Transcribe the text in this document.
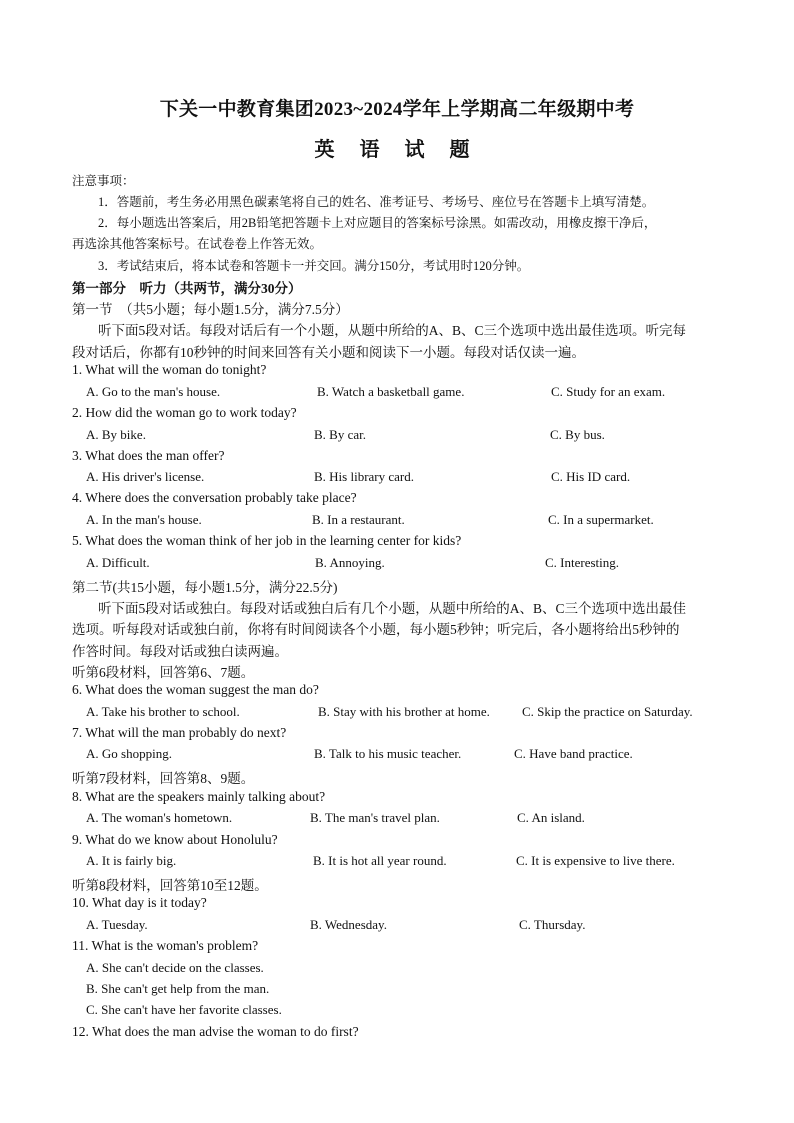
下关一中教育集团2023~2024学年上学期高二年级期中考
英 语 试 题
注意事项：
1．答题前，考生务必用黑色碳素笔将自己的姓名、准考证号、考场号、座位号在答题卡上填写清楚。
2．每小题选出答案后，用2B铅笔把答题卡上对应题目的答案标号涂黑。如需改动，用橡皮擦干净后，
再选涂其他答案标号。在试卷卷上作答无效。
3．考试结束后，将本试卷和答题卡一并交回。满分150分，考试用时120分钟。
第一部分　听力（共两节，满分30分）
第一节　（共5小题；每小题1.5分，满分7.5分）
听下面5段对话。每段对话后有一个小题，从题中所给的A、B、C三个选项中选出最佳选项。听完每
段对话后，你都有10秒钟的时间来回答有关小题和阅读下一小题。每段对话仅读一遍。
1. What will the woman do tonight?
A. Go to the man's house.	B. Watch a basketball game.	C. Study for an exam.
2. How did the woman go to work today?
A. By bike.	B. By car.	C. By bus.
3. What does the man offer?
A. His driver's license.	B. His library card.	C. His ID card.
4. Where does the conversation probably take place?
A. In the man's house.	B. In a restaurant.	C. In a supermarket.
5. What does the woman think of her job in the learning center for kids?
A. Difficult.	B. Annoying.	C. Interesting.
第二节(共15小题，每小题1.5分，满分22.5分)
听下面5段对话或独白。每段对话或独白后有几个小题，从题中所给的A、B、C三个选项中选出最佳
选项。听每段对话或独白前，你将有时间阅读各个小题，每小题5秒钟；听完后，各小题将给出5秒钟的
作答时间。每段对话或独白读两遍。
听第6段材料，回答第6、7题。
6. What does the woman suggest the man do?
A. Take his brother to school.	B. Stay with his brother at home. C. Skip the practice on Saturday.
7. What will the man probably do next?
A. Go shopping.	B. Talk to his music teacher.	C. Have band practice.
听第7段材料，回答第8、9题。
8. What are the speakers mainly talking about?
A. The woman's hometown.	B. The man's travel plan.	C. An island.
9. What do we know about Honolulu?
A. It is fairly big.	B. It is hot all year round.	C. It is expensive to live there.
听第8段材料，回答第10至12题。
10. What day is it today?
A. Tuesday.	B. Wednesday.	C. Thursday.
11. What is the woman's problem?
A. She can't decide on the classes.
B. She can't get help from the man.
C. She can't have her favorite classes.
12. What does the man advise the woman to do first?
